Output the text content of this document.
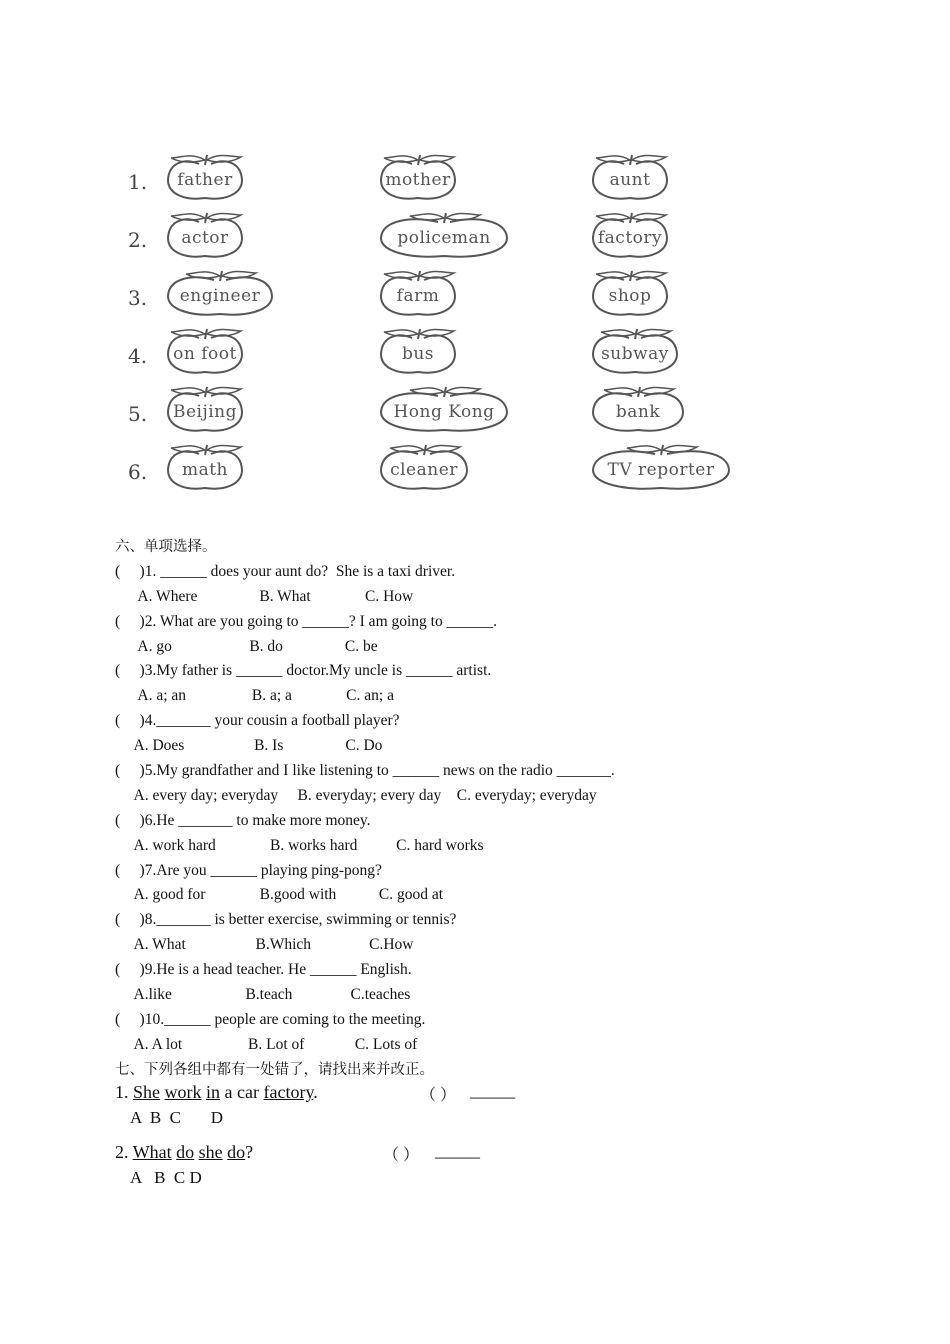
1.	father	mother	aunt
2.	actor	policeman	factory
3.	engineer	farm	shop
4.	on foot	bus	subway
5.	Beijing	Hong Kong	bank
6.	math	cleaner	TV reporter
六、单项选择。
(     )1. ______ does your aunt do?  She is a taxi driver.
A. Where                B. What              C. How
(     )2. What are you going to ______? I am going to ______.
A. go                    B. do                C. be
(     )3.My father is ______ doctor.My uncle is ______ artist.
A. a; an                 B. a; a              C. an; a
(     )4._______ your cousin a football player?
A. Does                  B. Is                C. Do
(     )5.My grandfather and I like listening to ______ news on the radio _______.
A. every day; everyday     B. everyday; every day    C. everyday; everyday
(     )6.He _______ to make more money.
A. work hard              B. works hard          C. hard works
(     )7.Are you ______ playing ping-pong?
A. good for              B.good with           C. good at
(     )8._______ is better exercise, swimming or tennis?
A. What                  B.Which               C.How
(     )9.He is a head teacher. He ______ English.
A.like                   B.teach               C.teaches
(     )10.______ people are coming to the meeting.
A. A lot                 B. Lot of             C. Lots of
七、下列各组中都有一处错了，请找出来并改正。
1. She work in a car factory.	（ ） _____
A  B  C       D
2. What do she do?	（ ） _____
A   B  C D
